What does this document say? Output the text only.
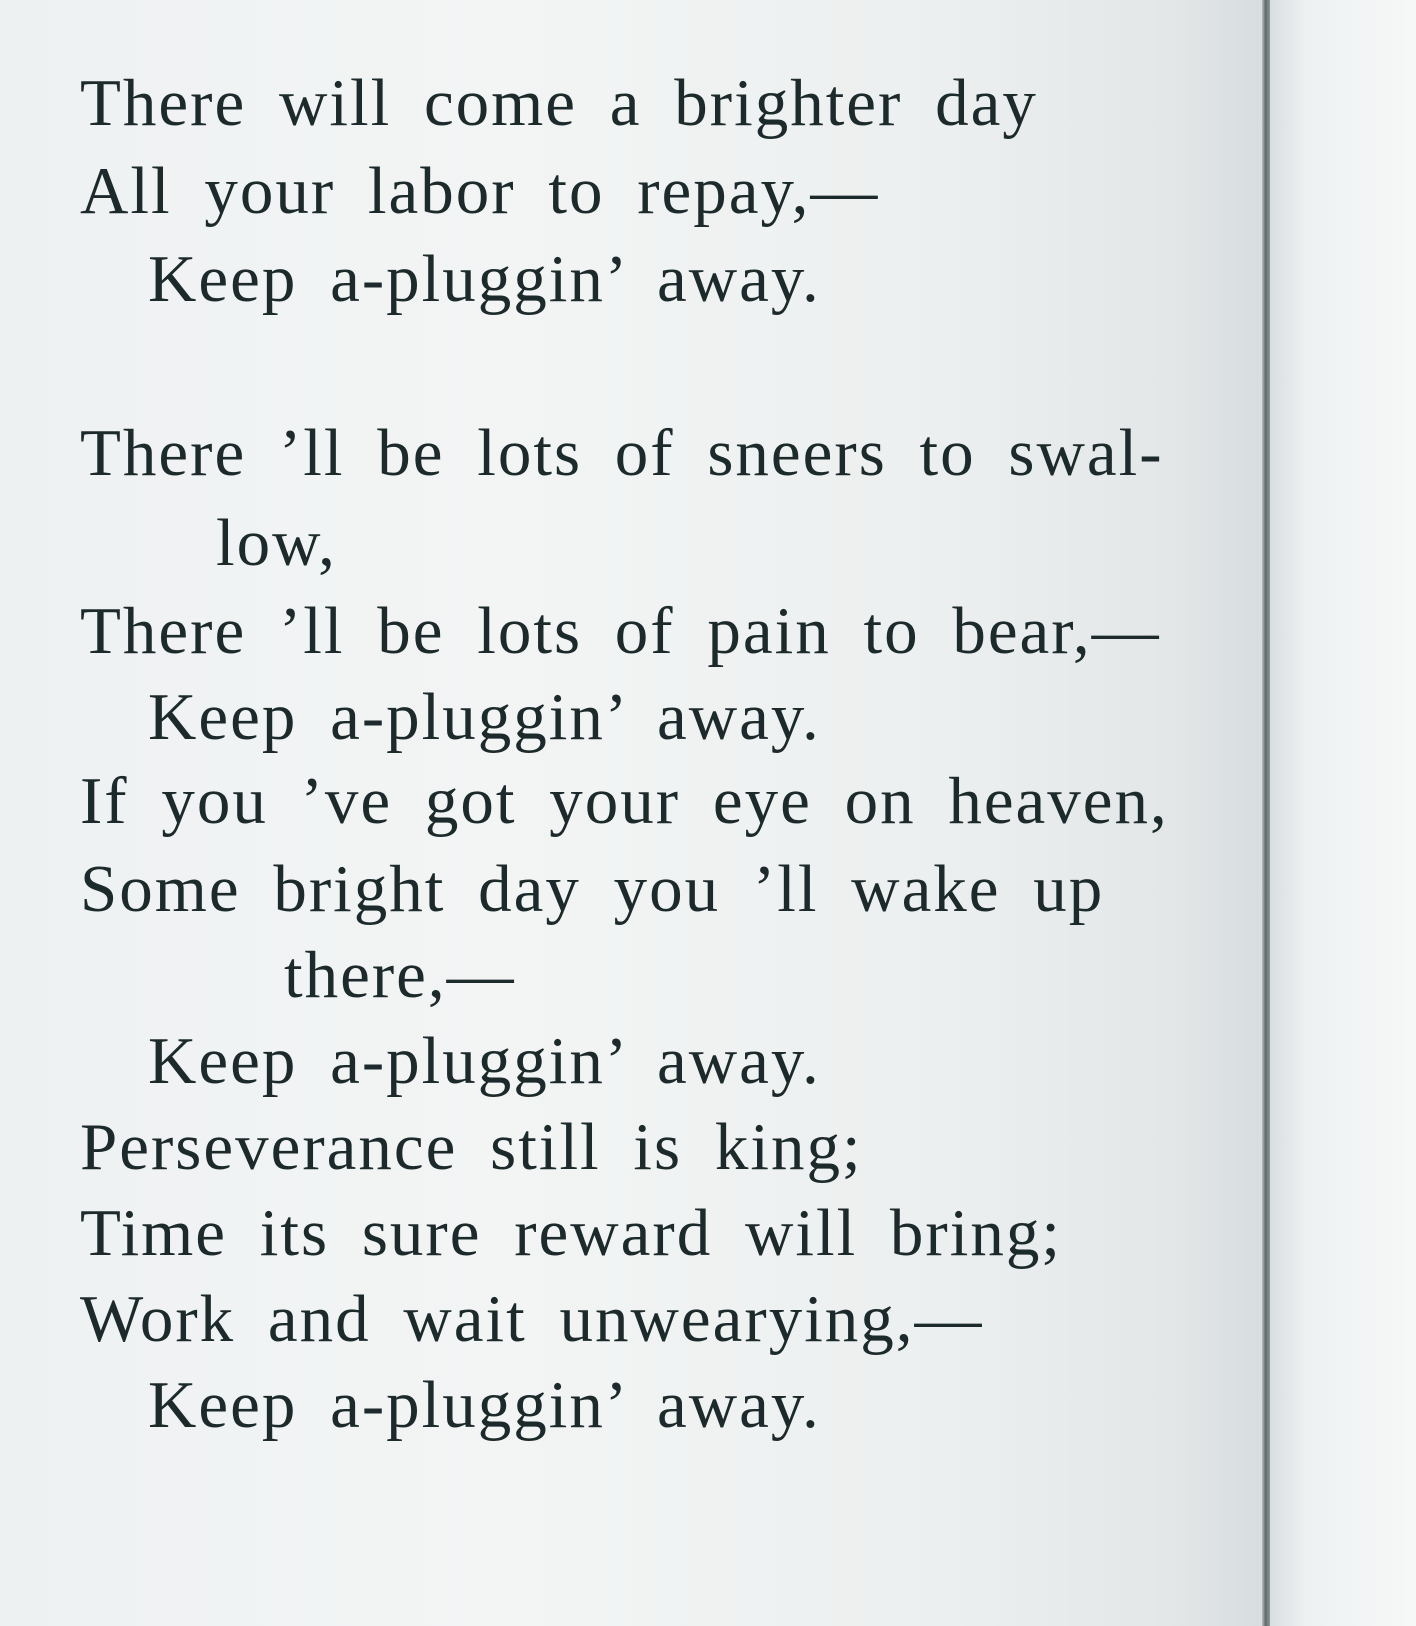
There will come a brighter day
All your labor to repay,—
Keep a-pluggin’ away.
There ’ll be lots of sneers to swal-
low,
There ’ll be lots of pain to bear,—
Keep a-pluggin’ away.
If you ’ve got your eye on heaven,
Some bright day you ’ll wake up
there,—
Keep a-pluggin’ away.
Perseverance still is king;
Time its sure reward will bring;
Work and wait unwearying,—
Keep a-pluggin’ away.
